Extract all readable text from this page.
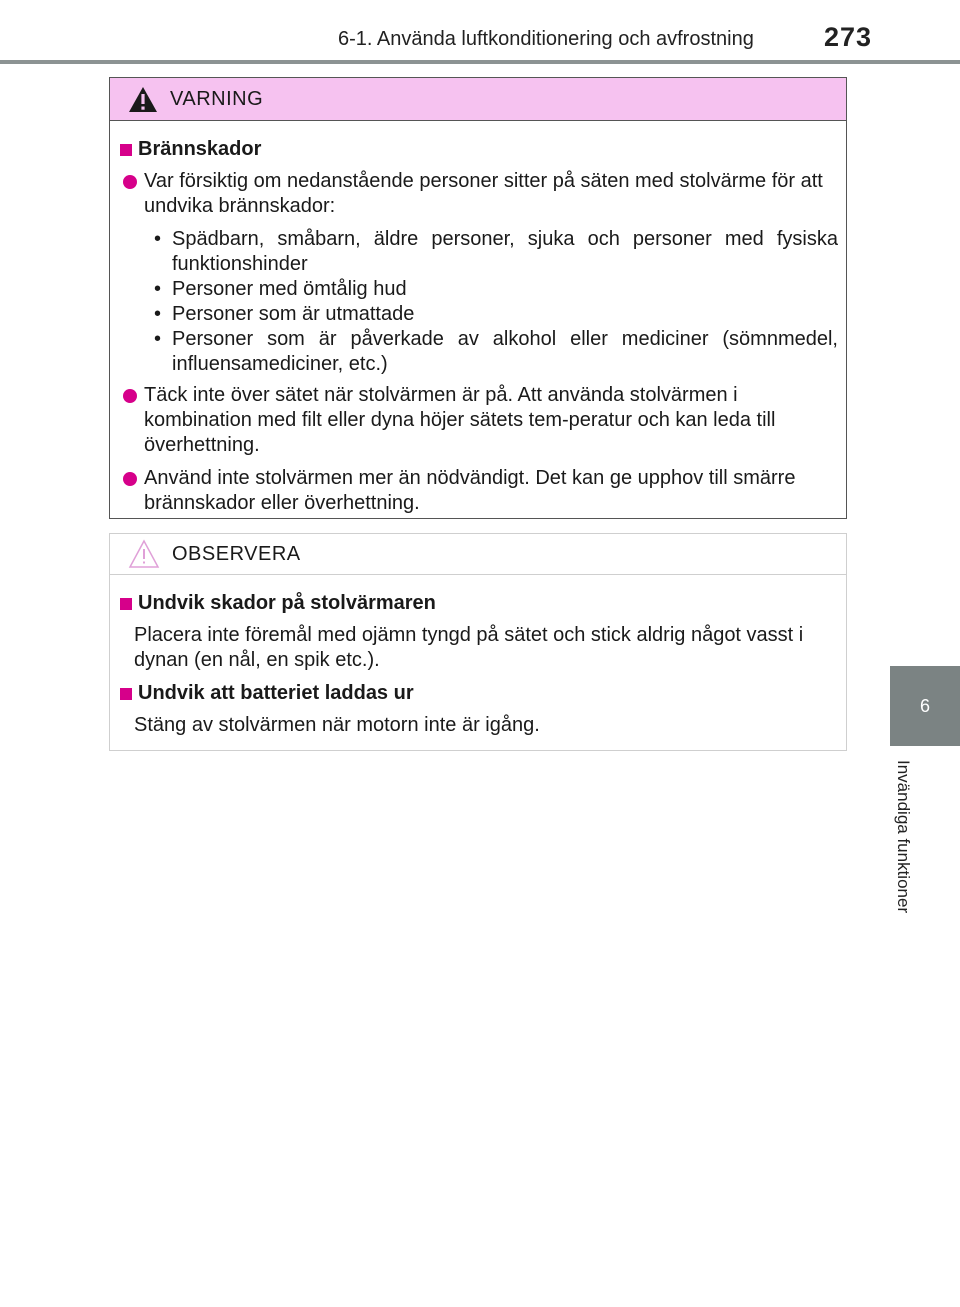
6-1. Använda luftkonditionering och avfrostning	273
6
Invändiga funktioner
VARNING
Brännskador
Var försiktig om nedanstående personer sitter på säten med stolvärme för att undvika brännskador:
• Spädbarn, småbarn, äldre personer, sjuka och personer med fysiska funktionshinder
• Personer med ömtålig hud
• Personer som är utmattade
• Personer som är påverkade av alkohol eller mediciner (sömnmedel, influensamediciner, etc.)
Täck inte över sätet när stolvärmen är på. Att använda stolvärmen i kombination med filt eller dyna höjer sätets tem-peratur och kan leda till överhettning.
Använd inte stolvärmen mer än nödvändigt. Det kan ge upphov till smärre brännskador eller överhettning.
OBSERVERA
Undvik skador på stolvärmaren
Placera inte föremål med ojämn tyngd på sätet och stick aldrig något vasst i dynan (en nål, en spik etc.).
Undvik att batteriet laddas ur
Stäng av stolvärmen när motorn inte är igång.
